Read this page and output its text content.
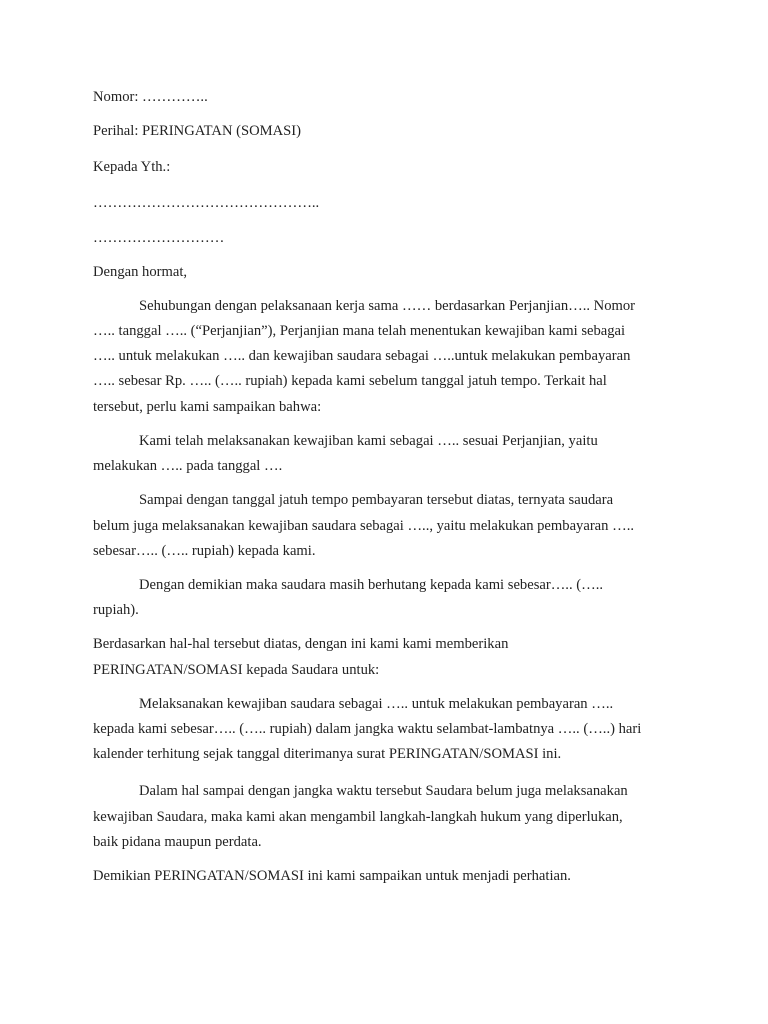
Nomor: …………..

Perihal: PERINGATAN (SOMASI)

Kepada Yth.:

………………………………………..

………………………

Dengan hormat,

Sehubungan dengan pelaksanaan kerja sama …… berdasarkan Perjanjian….. Nomor

….. tanggal ….. (“Perjanjian”), Perjanjian mana telah menentukan kewajiban kami sebagai

….. untuk melakukan ….. dan kewajiban saudara sebagai …..untuk melakukan pembayaran

….. sebesar Rp. ….. (….. rupiah) kepada kami sebelum tanggal jatuh tempo. Terkait hal

tersebut, perlu kami sampaikan bahwa:

Kami telah melaksanakan kewajiban kami sebagai ….. sesuai Perjanjian, yaitu

melakukan ….. pada tanggal ….

Sampai dengan tanggal jatuh tempo pembayaran tersebut diatas, ternyata saudara

belum juga melaksanakan kewajiban saudara sebagai ….., yaitu melakukan pembayaran …..

sebesar….. (….. rupiah) kepada kami.

Dengan demikian maka saudara masih berhutang kepada kami sebesar….. (…..

rupiah).

Berdasarkan hal-hal tersebut diatas, dengan ini kami kami memberikan

PERINGATAN/SOMASI kepada Saudara untuk:

Melaksanakan kewajiban saudara sebagai ….. untuk melakukan pembayaran …..

kepada kami sebesar….. (….. rupiah) dalam jangka waktu selambat-lambatnya ….. (…..) hari

kalender terhitung sejak tanggal diterimanya surat PERINGATAN/SOMASI ini.

Dalam hal sampai dengan jangka waktu tersebut Saudara belum juga melaksanakan

kewajiban Saudara, maka kami akan mengambil langkah-langkah hukum yang diperlukan,

baik pidana maupun perdata.

Demikian PERINGATAN/SOMASI ini kami sampaikan untuk menjadi perhatian.
